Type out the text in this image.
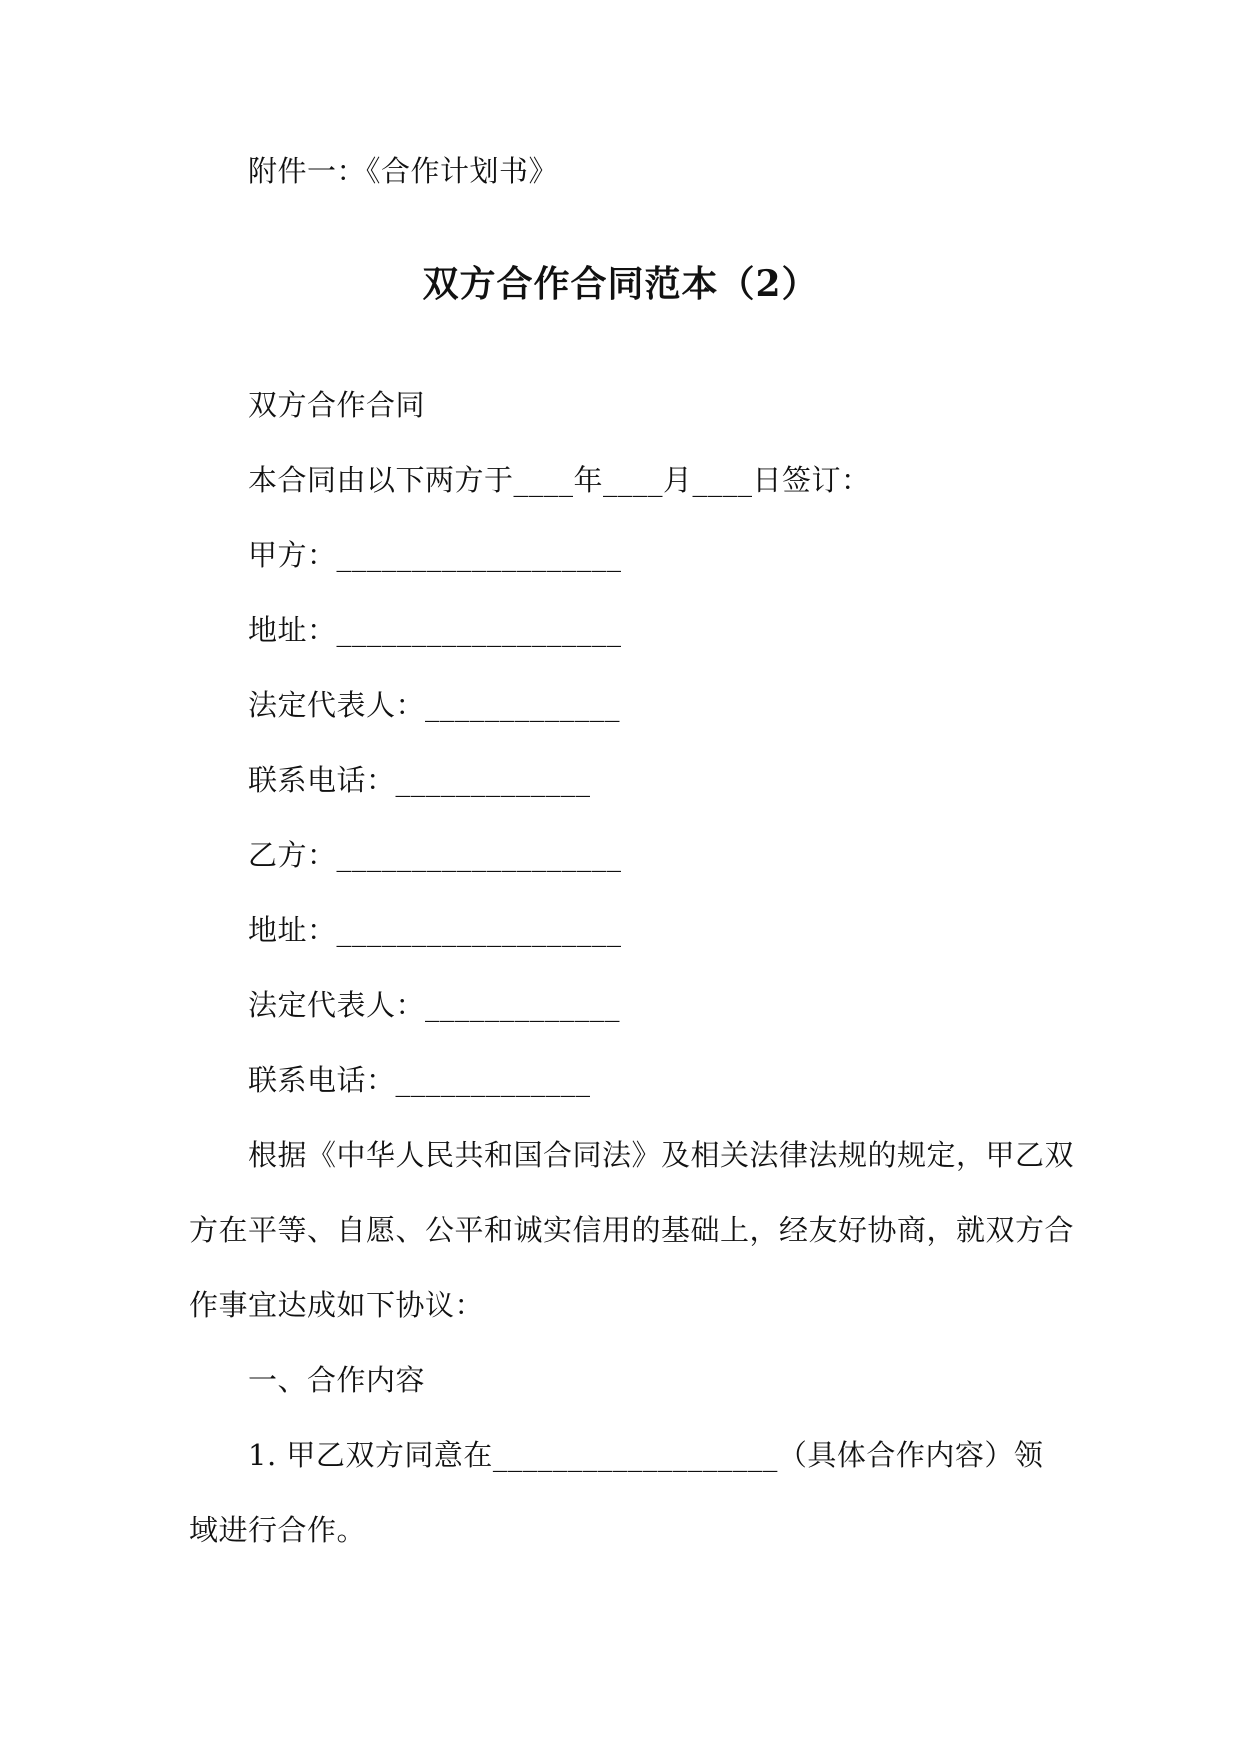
附件一：《合作计划书》
双方合作合同范本（2）
双方合作合同
本合同由以下两方于____年____月____日签订：
甲方：___________________
地址：___________________
法定代表人：_____________
联系电话：_____________
乙方：___________________
地址：___________________
法定代表人：_____________
联系电话：_____________
根据《中华人民共和国合同法》及相关法律法规的规定，甲乙双
方在平等、自愿、公平和诚实信用的基础上，经友好协商，就双方合
作事宜达成如下协议：
一、合作内容
1. 甲乙双方同意在___________________（具体合作内容）领
域进行合作。
